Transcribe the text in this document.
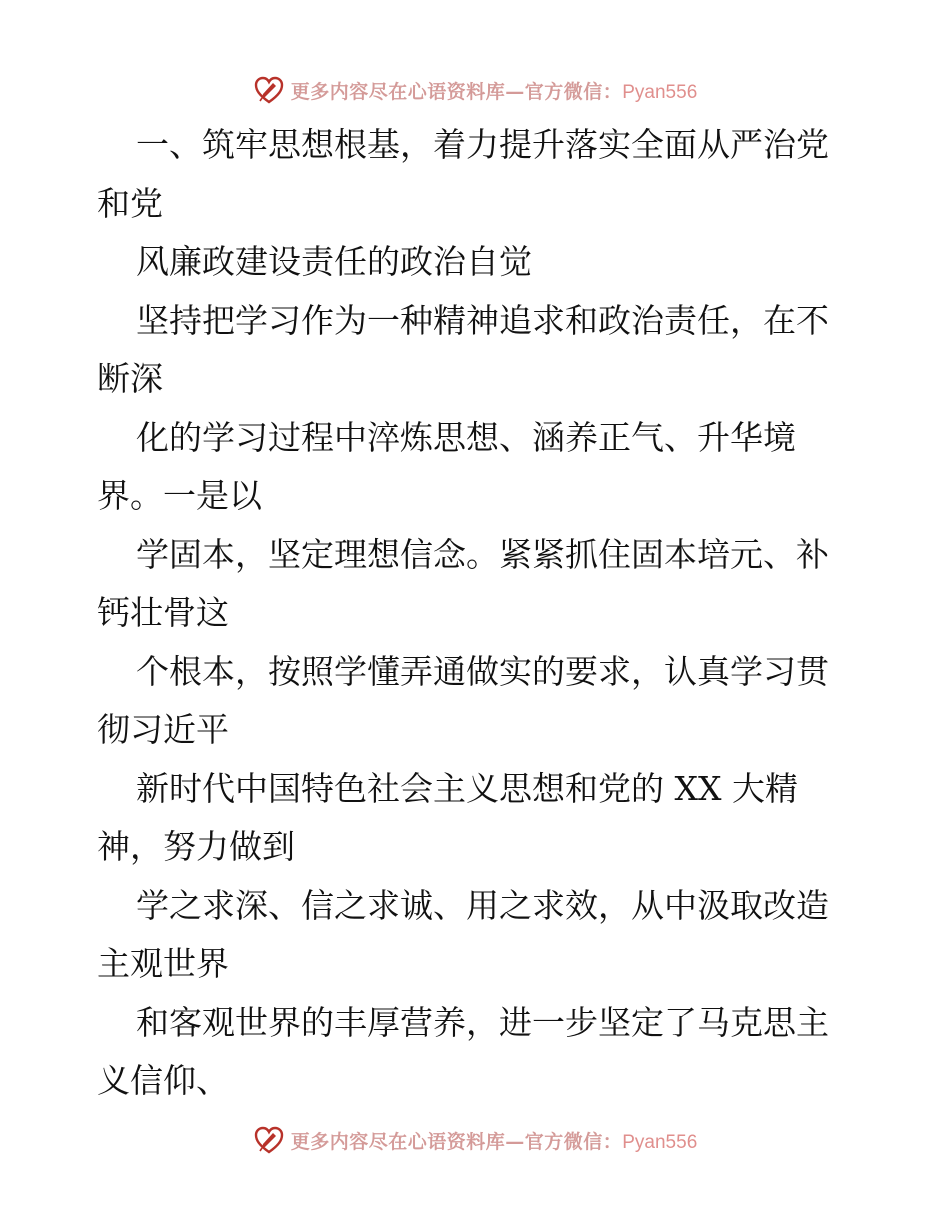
更多内容尽在心语资料库—官方微信：Pyan556

一、筑牢思想根基，着力提升落实全面从严治党
和党

风廉政建设责任的政治自觉

坚持把学习作为一种精神追求和政治责任，在不
断深

化的学习过程中淬炼思想、涵养正气、升华境
界。一是以

学固本，坚定理想信念。紧紧抓住固本培元、补
钙壮骨这

个根本，按照学懂弄通做实的要求，认真学习贯
彻习近平

新时代中国特色社会主义思想和党的 XX 大精
神，努力做到

学之求深、信之求诚、用之求效，从中汲取改造
主观世界

和客观世界的丰厚营养，进一步坚定了马克思主
义信仰、

更多内容尽在心语资料库—官方微信：Pyan556
